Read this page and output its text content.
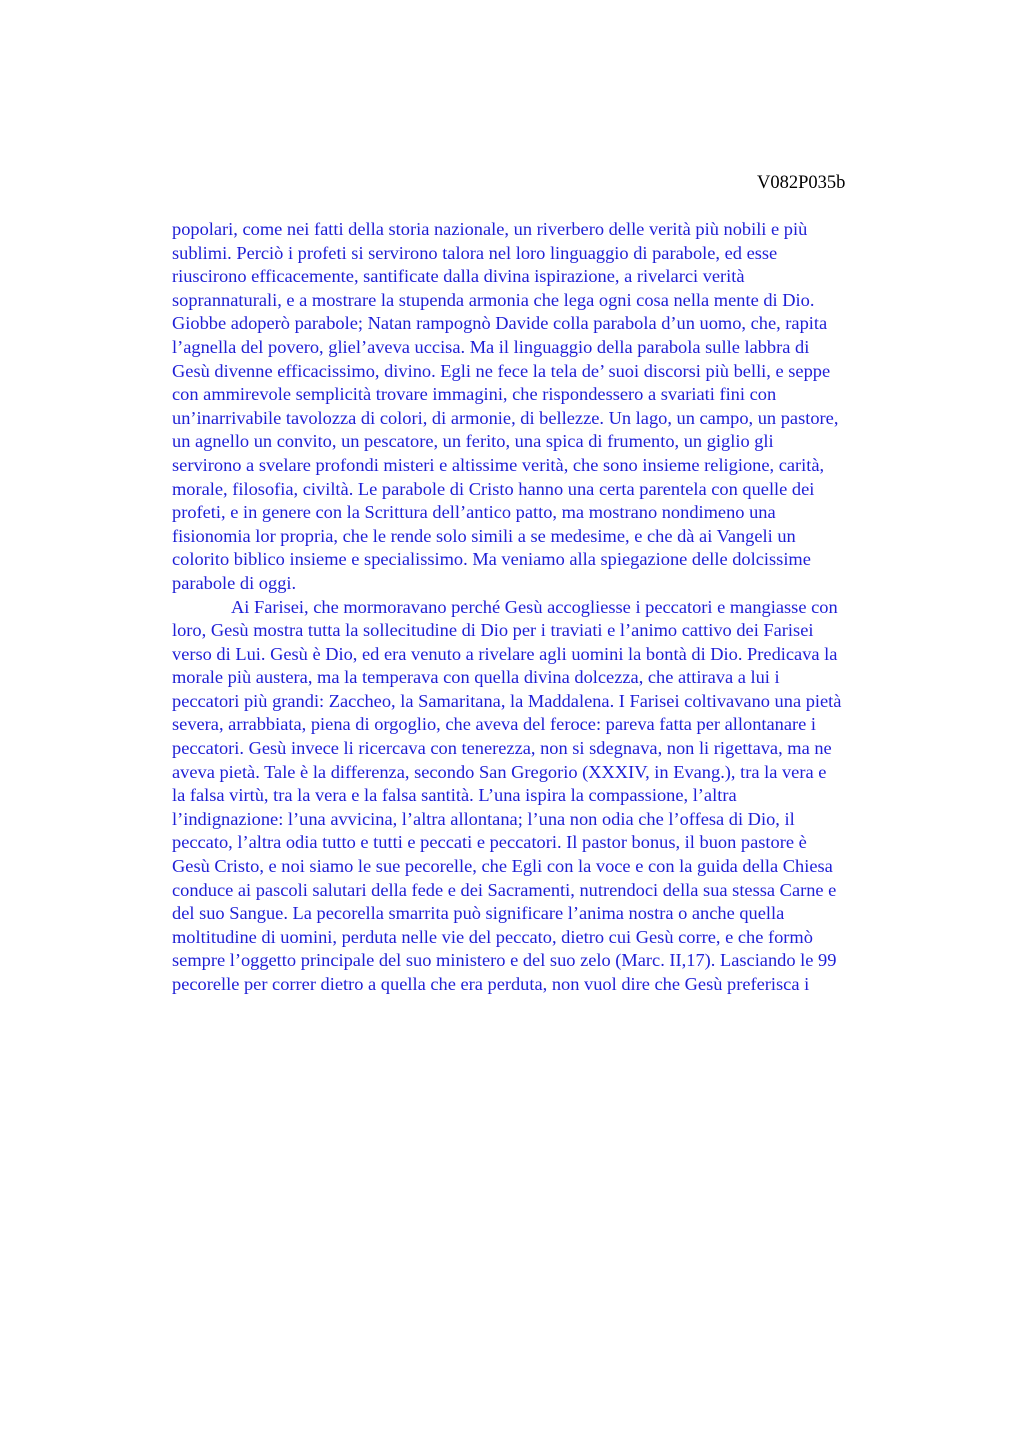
V082P035b

popolari, come nei fatti della storia nazionale, un riverbero delle verità più nobili e più
sublimi. Perciò i profeti si servirono talora nel loro linguaggio di parabole, ed esse
riuscirono efficacemente, santificate dalla divina ispirazione, a rivelarci verità
soprannaturali, e a mostrare la stupenda armonia che lega ogni cosa nella mente di Dio.
Giobbe adoperò parabole; Natan rampognò Davide colla parabola d’un uomo, che, rapita
l’agnella del povero, gliel’aveva uccisa. Ma il linguaggio della parabola sulle labbra di
Gesù divenne efficacissimo, divino. Egli ne fece la tela de’ suoi discorsi più belli, e seppe
con ammirevole semplicità trovare immagini, che rispondessero a svariati fini con
un’inarrivabile tavolozza di colori, di armonie, di bellezze. Un lago, un campo, un pastore,
un agnello un convito, un pescatore, un ferito, una spica di frumento, un giglio gli
servirono a svelare profondi misteri e altissime verità, che sono insieme religione, carità,
morale, filosofia, civiltà. Le parabole di Cristo hanno una certa parentela con quelle dei
profeti, e in genere con la Scrittura dell’antico patto, ma mostrano nondimeno una
fisionomia lor propria, che le rende solo simili a se medesime, e che dà ai Vangeli un
colorito biblico insieme e specialissimo. Ma veniamo alla spiegazione delle dolcissime
parabole di oggi.

Ai Farisei, che mormoravano perché Gesù accogliesse i peccatori e mangiasse con
loro, Gesù mostra tutta la sollecitudine di Dio per i traviati e l’animo cattivo dei Farisei
verso di Lui. Gesù è Dio, ed era venuto a rivelare agli uomini la bontà di Dio. Predicava la
morale più austera, ma la temperava con quella divina dolcezza, che attirava a lui i
peccatori più grandi: Zaccheo, la Samaritana, la Maddalena. I Farisei coltivavano una pietà
severa, arrabbiata, piena di orgoglio, che aveva del feroce: pareva fatta per allontanare i
peccatori. Gesù invece li ricercava con tenerezza, non si sdegnava, non li rigettava, ma ne
aveva pietà. Tale è la differenza, secondo San Gregorio (XXXIV, in Evang.), tra la vera e
la falsa virtù, tra la vera e la falsa santità. L’una ispira la compassione, l’altra
l’indignazione: l’una avvicina, l’altra allontana; l’una non odia che l’offesa di Dio, il
peccato, l’altra odia tutto e tutti e peccati e peccatori. Il pastor bonus, il buon pastore è
Gesù Cristo, e noi siamo le sue pecorelle, che Egli con la voce e con la guida della Chiesa
conduce ai pascoli salutari della fede e dei Sacramenti, nutrendoci della sua stessa Carne e
del suo Sangue. La pecorella smarrita può significare l’anima nostra o anche quella
moltitudine di uomini, perduta nelle vie del peccato, dietro cui Gesù corre, e che formò
sempre l’oggetto principale del suo ministero e del suo zelo (Marc. II,17). Lasciando le 99
pecorelle per correr dietro a quella che era perduta, non vuol dire che Gesù preferisca i
